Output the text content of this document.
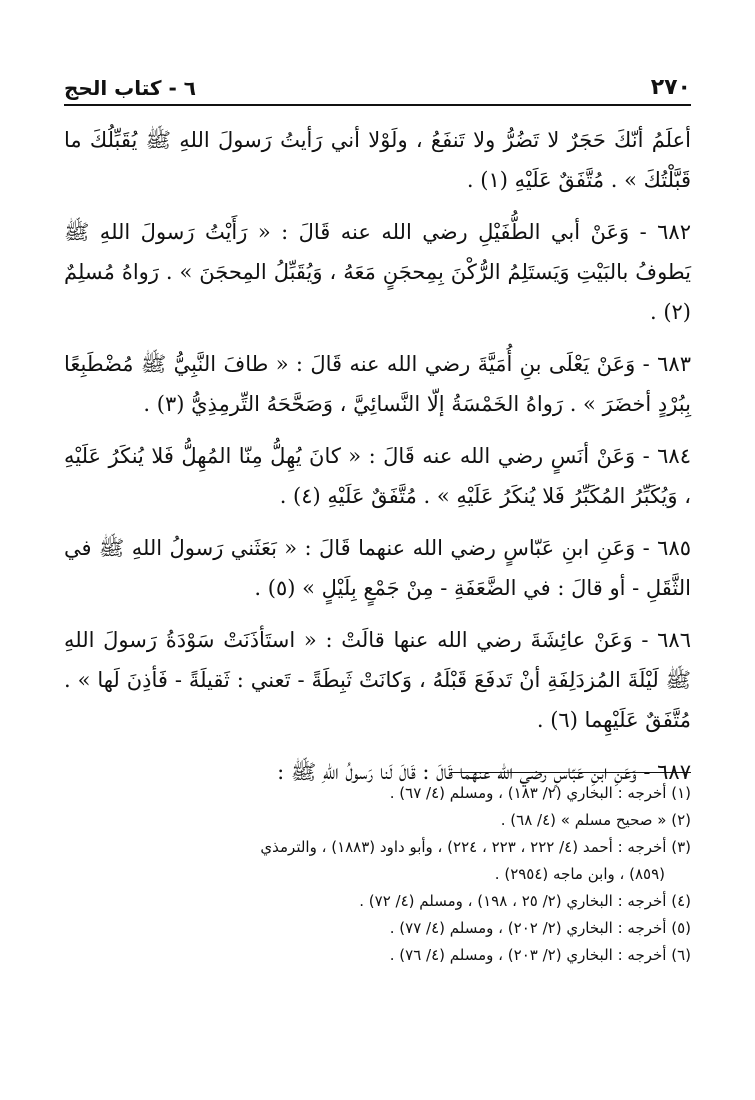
٢٧٠
٦ - كتاب الحج

أعلَمُ أنّكَ حَجَرٌ لا تَضُرُّ ولا تَنفَعُ ، ولَوْلا أني رَأيتُ رَسولَ اللهِ ﷺ يُقَبِّلُكَ ما قَبَّلْتُكَ » . مُتَّفَقٌ عَلَيْهِ (١) .

٦٨٢ - وَعَنْ أبي الطُّفَيْلِ رضي الله عنه قَالَ : « رَأَيْتُ رَسولَ اللهِ ﷺ يَطوفُ بالبَيْتِ وَيَستَلِمُ الرُّكْنَ بِمِحجَنٍ مَعَهُ ، وَيُقَبِّلُ المِحجَنَ » . رَواهُ مُسلِمٌ (٢) .

٦٨٣ - وَعَنْ يَعْلَى بنِ أُمَيَّةَ رضي الله عنه قَالَ : « طافَ النَّبِيُّ ﷺ مُضْطَبِعًا بِبُرْدٍ أخضَرَ » . رَواهُ الخَمْسَةُ إلّا النَّسائِيَّ ، وَصَحَّحَهُ التِّرمِذِيُّ (٣) .

٦٨٤ - وَعَنْ أنَسٍ رضي الله عنه قَالَ : « كانَ يُهِلُّ مِنّا المُهِلُّ فَلا يُنكَرُ عَلَيْهِ ، وَيُكَبِّرُ المُكَبِّرُ فَلا يُنكَرُ عَلَيْهِ » . مُتَّفَقٌ عَلَيْهِ (٤) .

٦٨٥ - وَعَنِ ابنِ عَبّاسٍ رضي الله عنهما قَالَ : « بَعَثَني رَسولُ اللهِ ﷺ في الثَّقَلِ - أو قالَ : في الضَّعَفَةِ - مِنْ جَمْعٍ بِلَيْلٍ » (٥) .

٦٨٦ - وَعَنْ عائِشَةَ رضي الله عنها قالَتْ : « استَأذَنَتْ سَوْدَةُ رَسولَ اللهِ ﷺ لَيْلَةَ المُزدَلِفَةِ أنْ تَدفَعَ قَبْلَهُ ، وَكانَتْ ثَبِطَةً - تَعني : ثَقيلَةً - فَأذِنَ لَها » . مُتَّفَقٌ عَلَيْهِما (٦) .

٦٨٧ - وَعَنِ ابنِ عَبّاسٍ رضي الله عنهما قَالَ : قَالَ لَنا رَسولُ اللهِ ﷺ :

(١) أخرجه : البخاري (٢/ ١٨٣) ، ومسلم (٤/ ٦٧) .

(٢) « صحيح مسلم » (٤/ ٦٨) .

(٣) أخرجه : أحمد (٤/ ٢٢٢ ، ٢٢٣ ، ٢٢٤) ، وأبو داود (١٨٨٣) ، والترمذي

(٨٥٩) ، وابن ماجه (٢٩٥٤) .

(٤) أخرجه : البخاري (٢/ ٢٥ ، ١٩٨) ، ومسلم (٤/ ٧٢) .

(٥) أخرجه : البخاري (٢/ ٢٠٢) ، ومسلم (٤/ ٧٧) .

(٦) أخرجه : البخاري (٢/ ٢٠٣) ، ومسلم (٤/ ٧٦) .
